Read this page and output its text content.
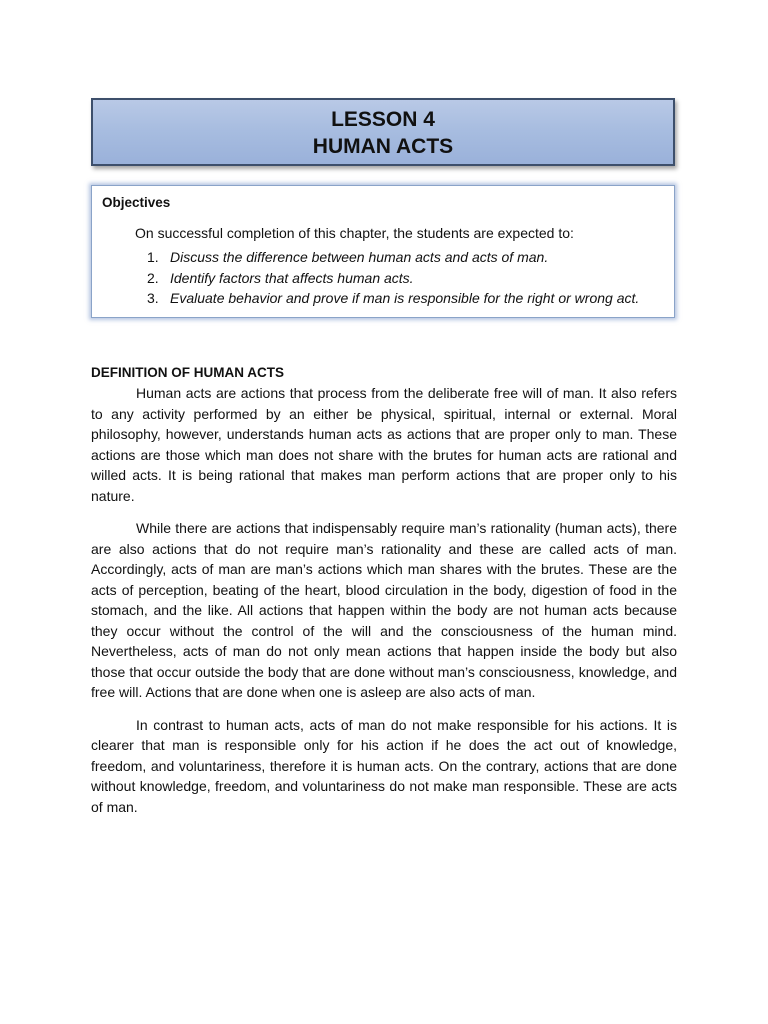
LESSON 4
HUMAN ACTS
Objectives
On successful completion of this chapter, the students are expected to:
1. Discuss the difference between human acts and acts of man.
2. Identify factors that affects human acts.
3. Evaluate behavior and prove if man is responsible for the right or wrong act.
DEFINITION OF HUMAN ACTS

Human acts are actions that process from the deliberate free will of man. It also refers to any activity performed by an either be physical, spiritual, internal or external. Moral philosophy, however, understands human acts as actions that are proper only to man. These actions are those which man does not share with the brutes for human acts are rational and willed acts. It is being rational that makes man perform actions that are proper only to his nature.

While there are actions that indispensably require man’s rationality (human acts), there are also actions that do not require man’s rationality and these are called acts of man. Accordingly, acts of man are man’s actions which man shares with the brutes. These are the acts of perception, beating of the heart, blood circulation in the body, digestion of food in the stomach, and the like. All actions that happen within the body are not human acts because they occur without the control of the will and the consciousness of the human mind. Nevertheless, acts of man do not only mean actions that happen inside the body but also those that occur outside the body that are done without man’s consciousness, knowledge, and free will. Actions that are done when one is asleep are also acts of man.

In contrast to human acts, acts of man do not make responsible for his actions. It is clearer that man is responsible only for his action if he does the act out of knowledge, freedom, and voluntariness, therefore it is human acts. On the contrary, actions that are done without knowledge, freedom, and voluntariness do not make man responsible. These are acts of man.
